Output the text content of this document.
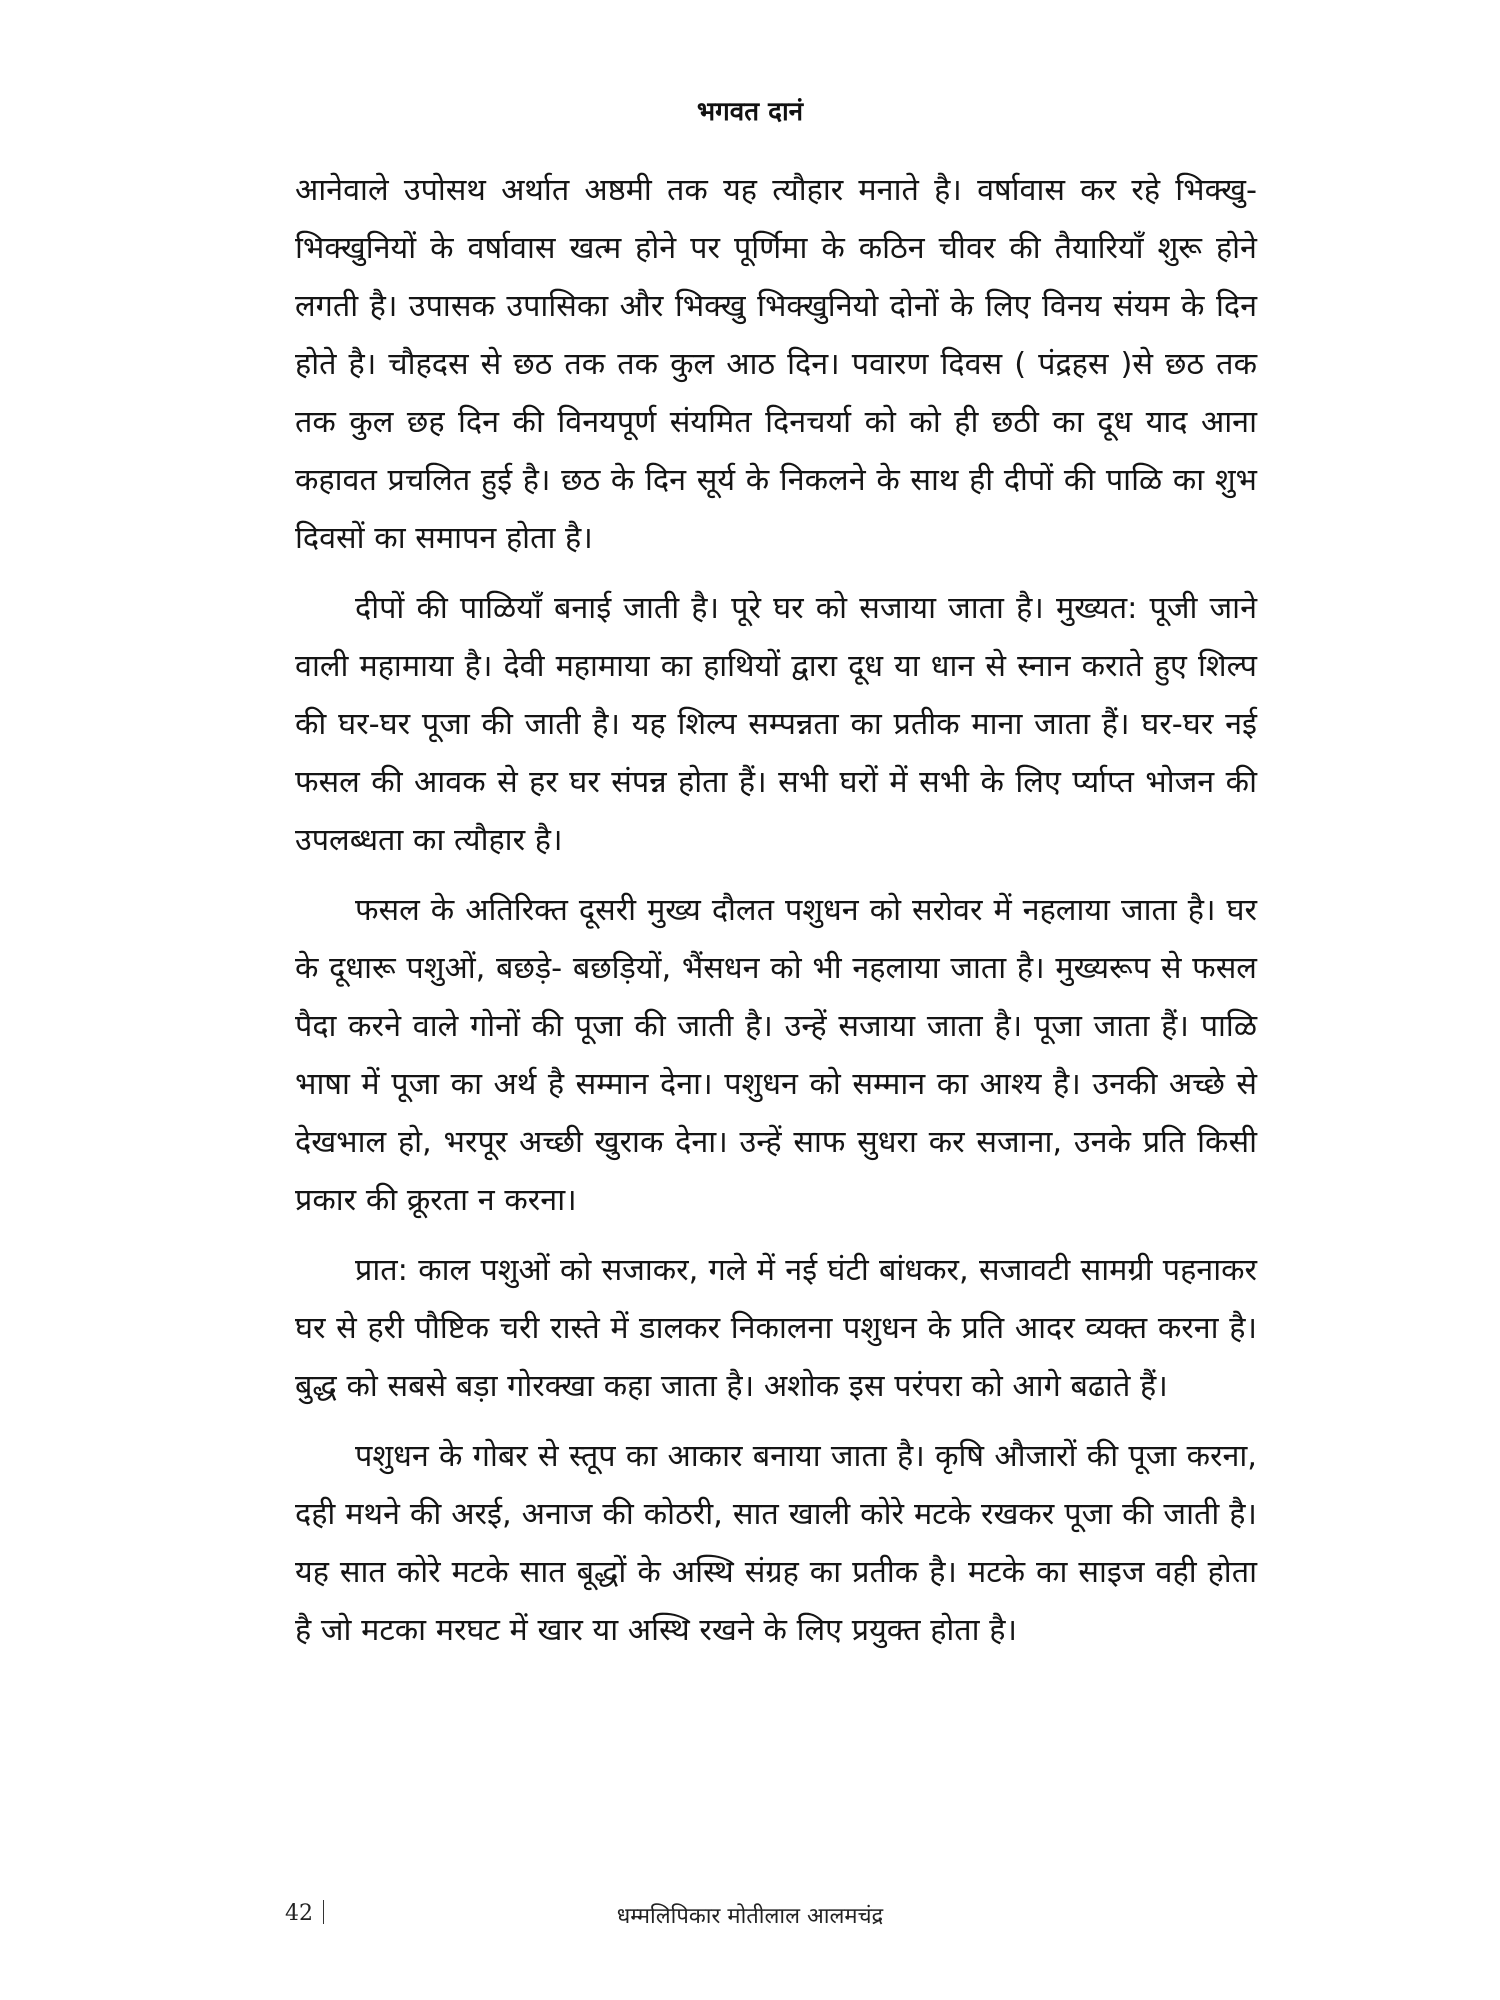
भगवत दानं

आनेवाले उपोसथ अर्थात अष्ठमी तक यह त्यौहार मनाते है। वर्षावास कर रहे भिक्खु-भिक्खुनियों के वर्षावास खत्म होने पर पूर्णिमा के कठिन चीवर की तैयारियाँ शुरू होने लगती है। उपासक उपासिका और भिक्खु भिक्खुनियो दोनों के लिए विनय संयम के दिन होते है। चौहदस से छठ तक तक कुल आठ दिन। पवारण दिवस ( पंद्रहस )से छठ तक तक कुल छह दिन की विनयपूर्ण संयमित दिनचर्या को को ही छठी का दूध याद आना कहावत प्रचलित हुई है। छठ के दिन सूर्य के निकलने के साथ ही दीपों की पाळि का शुभ दिवसों का समापन होता है।

दीपों की पाळियाँ बनाई जाती है। पूरे घर को सजाया जाता है। मुख्यत: पूजी जाने वाली महामाया है। देवी महामाया का हाथियों द्वारा दूध या धान से स्नान कराते हुए शिल्प की घर-घर पूजा की जाती है। यह शिल्प सम्पन्नता का प्रतीक माना जाता हैं। घर-घर नई फसल की आवक से हर घर संपन्न होता हैं। सभी घरों में सभी के लिए र्प्याप्त भोजन की उपलब्धता का त्यौहार है।

फसल के अतिरिक्त दूसरी मुख्य दौलत पशुधन को सरोवर में नहलाया जाता है। घर के दूधारू पशुओं, बछड़े- बछड़ियों, भैंसधन को भी नहलाया जाता है। मुख्यरूप से फसल पैदा करने वाले गोनों की पूजा की जाती है। उन्हें सजाया जाता है। पूजा जाता हैं। पाळि भाषा में पूजा का अर्थ है सम्मान देना। पशुधन को सम्मान का आश्य है। उनकी अच्छे से देखभाल हो, भरपूर अच्छी खुराक देना। उन्हें साफ सुधरा कर सजाना, उनके प्रति किसी प्रकार की क्रूरता न करना।

प्रात: काल पशुओं को सजाकर, गले में नई घंटी बांधकर, सजावटी सामग्री पहनाकर घर से हरी पौष्टिक चरी रास्ते में डालकर निकालना पशुधन के प्रति आदर व्यक्त करना है। बुद्ध को सबसे बड़ा गोरक्खा कहा जाता है। अशोक इस परंपरा को आगे बढाते हैं।

पशुधन के गोबर से स्तूप का आकार बनाया जाता है। कृषि औजारों की पूजा करना, दही मथने की अरई, अनाज की कोठरी, सात खाली कोरे मटके रखकर पूजा की जाती है। यह सात कोरे मटके सात बूद्धों के अस्थि संग्रह का प्रतीक है। मटके का साइज वही होता है जो मटका मरघट में खार या अस्थि रखने के लिए प्रयुक्त होता है।

धम्मलिपिकार मोतीलाल आलमचंद्र
42
